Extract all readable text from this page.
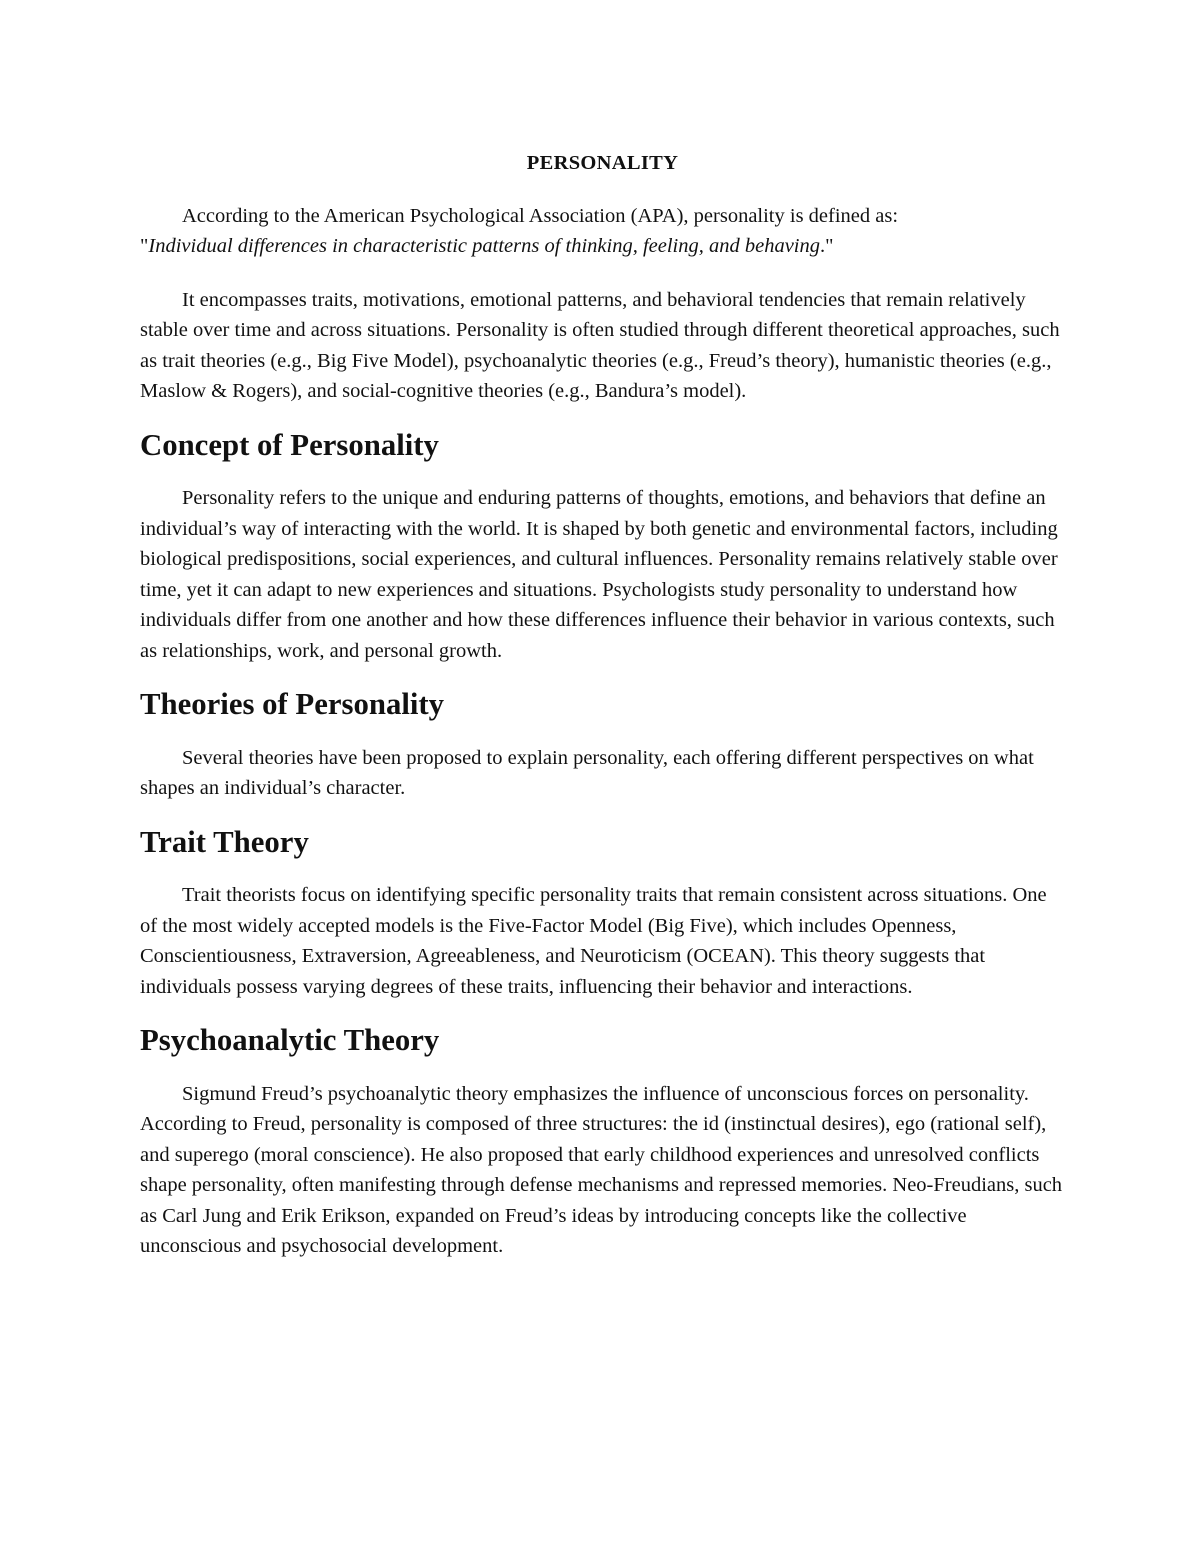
PERSONALITY

According to the American Psychological Association (APA), personality is defined as:

"Individual differences in characteristic patterns of thinking, feeling, and behaving."

It encompasses traits, motivations, emotional patterns, and behavioral tendencies that remain relatively stable over time and across situations. Personality is often studied through different theoretical approaches, such as trait theories (e.g., Big Five Model), psychoanalytic theories (e.g., Freud’s theory), humanistic theories (e.g., Maslow & Rogers), and social-cognitive theories (e.g., Bandura’s model).

Concept of Personality

Personality refers to the unique and enduring patterns of thoughts, emotions, and behaviors that define an individual’s way of interacting with the world. It is shaped by both genetic and environmental factors, including biological predispositions, social experiences, and cultural influences. Personality remains relatively stable over time, yet it can adapt to new experiences and situations. Psychologists study personality to understand how individuals differ from one another and how these differences influence their behavior in various contexts, such as relationships, work, and personal growth.

Theories of Personality

Several theories have been proposed to explain personality, each offering different perspectives on what shapes an individual’s character.

Trait Theory

Trait theorists focus on identifying specific personality traits that remain consistent across situations. One of the most widely accepted models is the Five-Factor Model (Big Five), which includes Openness, Conscientiousness, Extraversion, Agreeableness, and Neuroticism (OCEAN). This theory suggests that individuals possess varying degrees of these traits, influencing their behavior and interactions.

Psychoanalytic Theory

Sigmund Freud’s psychoanalytic theory emphasizes the influence of unconscious forces on personality. According to Freud, personality is composed of three structures: the id (instinctual desires), ego (rational self), and superego (moral conscience). He also proposed that early childhood experiences and unresolved conflicts shape personality, often manifesting through defense mechanisms and repressed memories. Neo-Freudians, such as Carl Jung and Erik Erikson, expanded on Freud’s ideas by introducing concepts like the collective unconscious and psychosocial development.
